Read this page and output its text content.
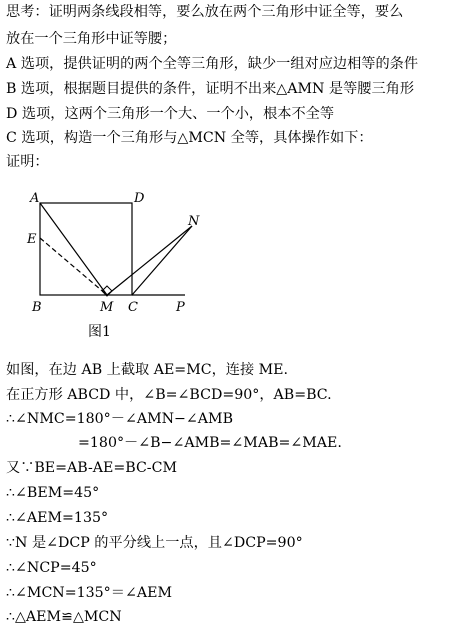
思考：证明两条线段相等，要么放在两个三角形中证全等，要么
放在一个三角形中证等腰；
A 选项，提供证明的两个全等三角形，缺少一组对应边相等的条件
B 选项，根据题目提供的条件，证明不出来△AMN 是等腰三角形
D 选项，这两个三角形一个大、一个小，根本不全等
C 选项，构造一个三角形与△MCN 全等，具体操作如下：
证明：
A	D
N
E
B	M C	P
图1
如图，在边 AB 上截取 AE=MC，连接 ME.
在正方形 ABCD 中，∠B=∠BCD=90°，AB=BC.
∴∠NMC=180°－∠AMN−∠AMB
=180°－∠B−∠AMB=∠MAB=∠MAE.
又∵BE=AB-AE=BC-CM
∴∠BEM=45°
∴∠AEM=135°
∵N 是∠DCP 的平分线上一点，且∠DCP=90°
∴∠NCP=45°
∴∠MCN=135°＝∠AEM
∴△AEM≌△MCN
